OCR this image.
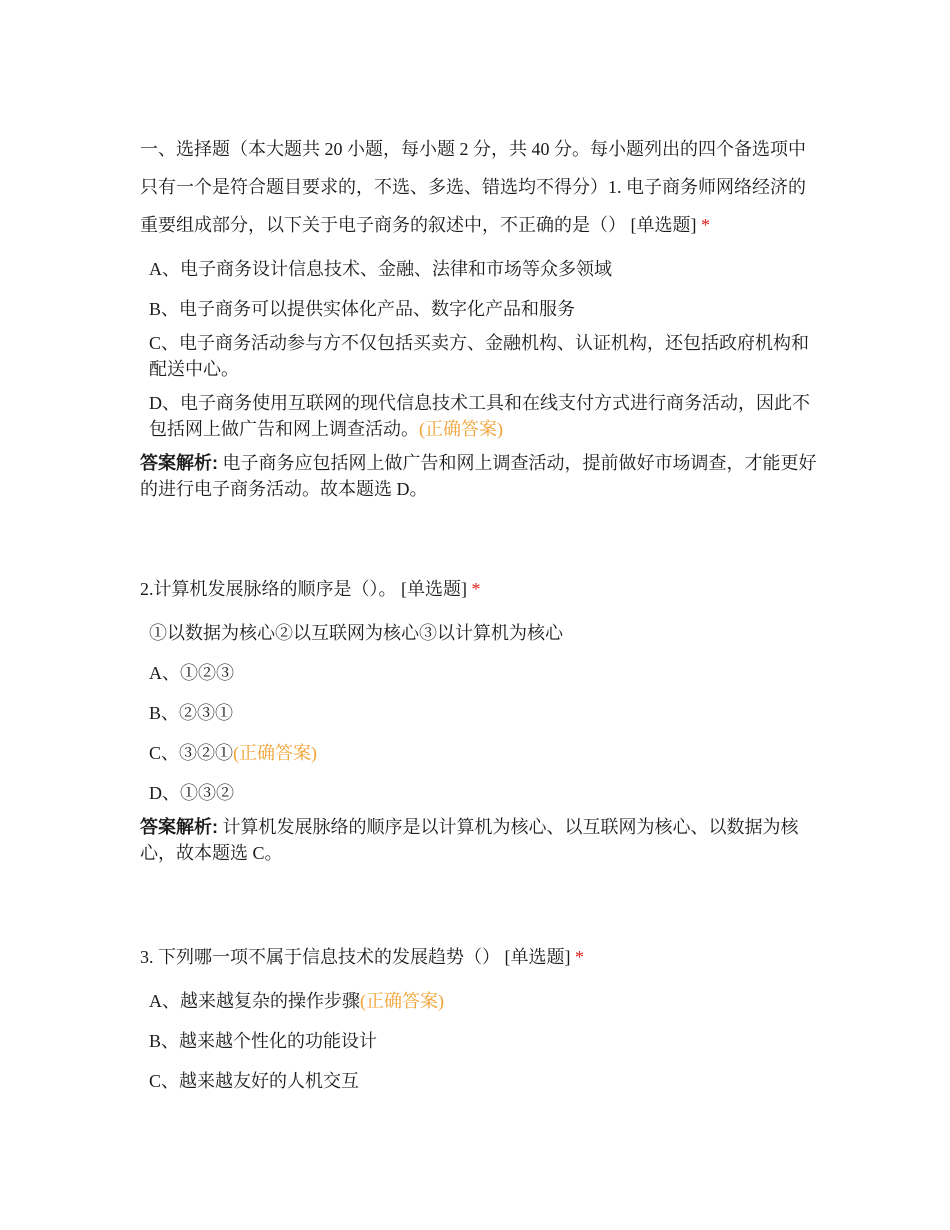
一、选择题（本大题共 20 小题，每小题 2 分，共 40 分。每小题列出的四个备选项中只有一个是符合题目要求的，不选、多选、错选均不得分）1. 电子商务师网络经济的重要组成部分，以下关于电子商务的叙述中，不正确的是（） [单选题] *

A、电子商务设计信息技术、金融、法律和市场等众多领域

B、电子商务可以提供实体化产品、数字化产品和服务

C、电子商务活动参与方不仅包括买卖方、金融机构、认证机构，还包括政府机构和配送中心。

D、电子商务使用互联网的现代信息技术工具和在线支付方式进行商务活动，因此不包括网上做广告和网上调查活动。(正确答案)

答案解析: 电子商务应包括网上做广告和网上调查活动，提前做好市场调查，才能更好的进行电子商务活动。故本题选 D。

2.计算机发展脉络的顺序是（）。 [单选题] *

①以数据为核心②以互联网为核心③以计算机为核心

A、①②③

B、②③①

C、③②①(正确答案)

D、①③②

答案解析: 计算机发展脉络的顺序是以计算机为核心、以互联网为核心、以数据为核心，故本题选 C。

3. 下列哪一项不属于信息技术的发展趋势（） [单选题] *

A、越来越复杂的操作步骤(正确答案)

B、越来越个性化的功能设计

C、越来越友好的人机交互
